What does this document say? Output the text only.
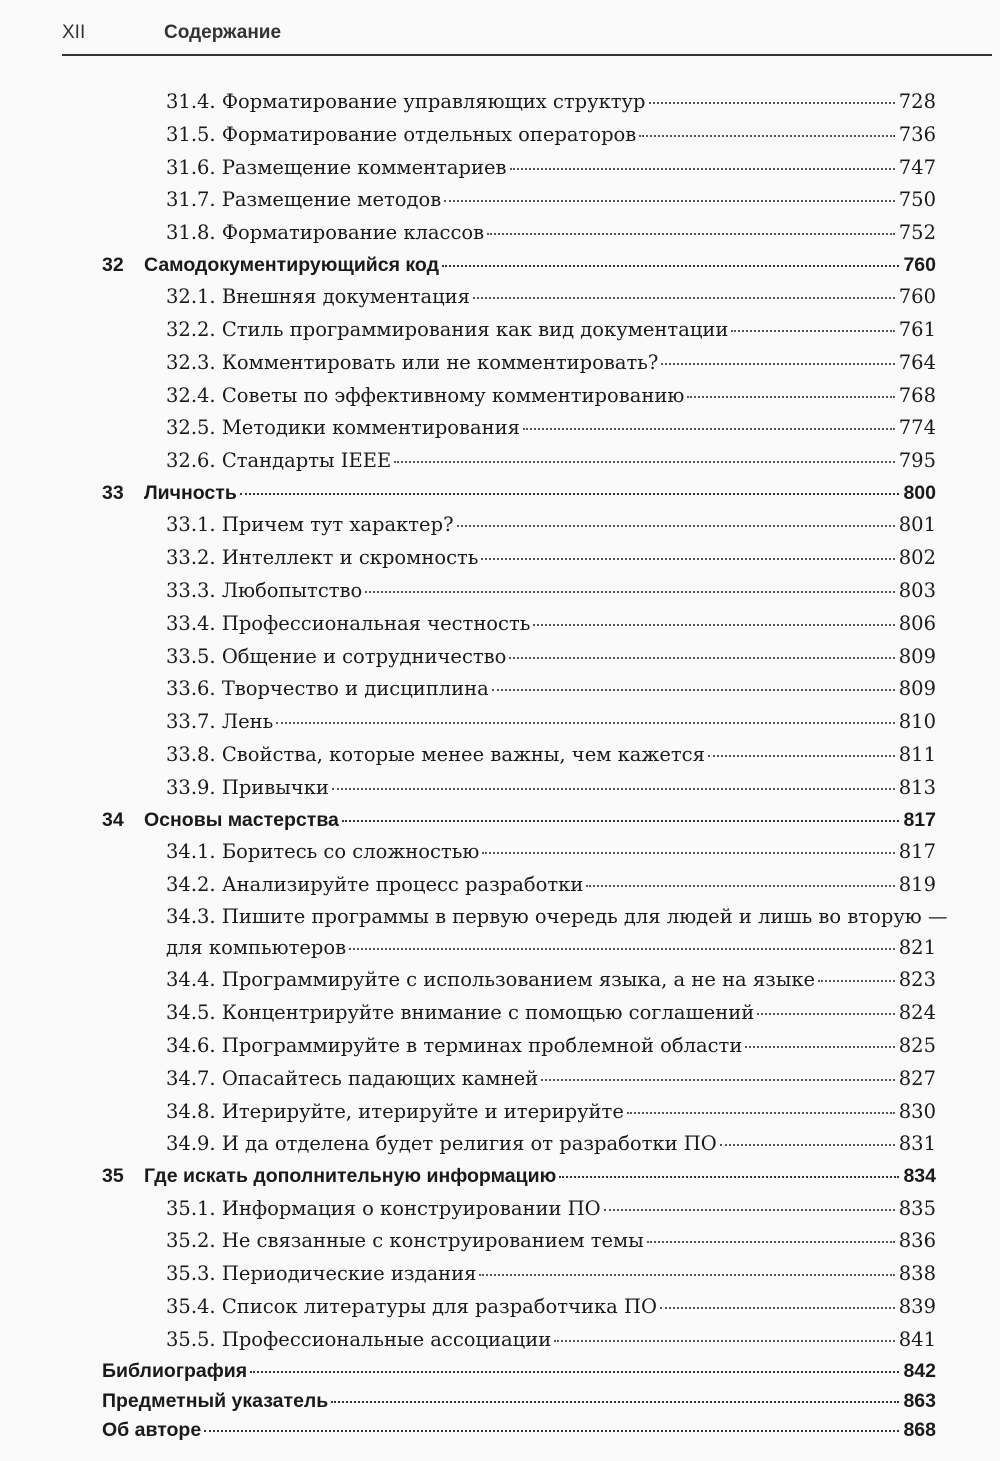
XII	Содержание
31.4. Форматирование управляющих структур	728
31.5. Форматирование отдельных операторов	736
31.6. Размещение комментариев	747
31.7. Размещение методов	750
31.8. Форматирование классов	752
32 Самодокументирующийся код	760
32.1. Внешняя документация	760
32.2. Стиль программирования как вид документации	761
32.3. Комментировать или не комментировать?	764
32.4. Советы по эффективному комментированию	768
32.5. Методики комментирования	774
32.6. Стандарты IEEE	795
33 Личность	800
33.1. Причем тут характер?	801
33.2. Интеллект и скромность	802
33.3. Любопытство	803
33.4. Профессиональная честность	806
33.5. Общение и сотрудничество	809
33.6. Творчество и дисциплина	809
33.7. Лень	810
33.8. Свойства, которые менее важны, чем кажется	811
33.9. Привычки	813
34 Основы мастерства	817
34.1. Боритесь со сложностью	817
34.2. Анализируйте процесс разработки	819
34.3. Пишите программы в первую очередь для людей и лишь во вторую —
для компьютеров	821
34.4. Программируйте с использованием языка, а не на языке	823
34.5. Концентрируйте внимание с помощью соглашений	824
34.6. Программируйте в терминах проблемной области	825
34.7. Опасайтесь падающих камней	827
34.8. Итерируйте, итерируйте и итерируйте	830
34.9. И да отделена будет религия от разработки ПО	831
35 Где искать дополнительную информацию	834
35.1. Информация о конструировании ПО	835
35.2. Не связанные с конструированием темы	836
35.3. Периодические издания	838
35.4. Список литературы для разработчика ПО	839
35.5. Профессиональные ассоциации	841
Библиография	842
Предметный указатель	863
Об авторе	868
